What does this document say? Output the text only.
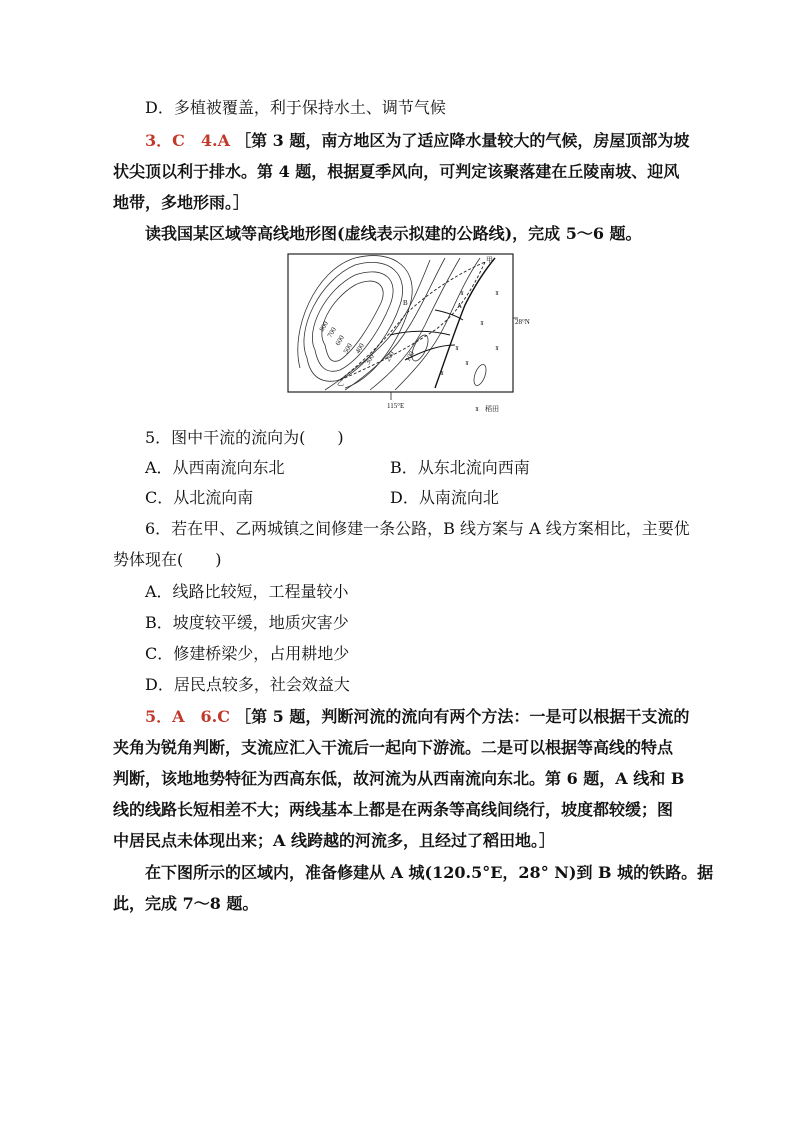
D．多植被覆盖，利于保持水土、调节气候
3．C　4.A ［第 3 题，南方地区为了适应降水量较大的气候，房屋顶部为坡
状尖顶以利于排水。第 4 题，根据夏季风向，可判定该聚落建在丘陵南坡、迎风
地带，多地形雨。］
读我国某区域等高线地形图(虚线表示拟建的公路线)，完成 5～6 题。
800
700
600
500 400
300 200 100
B	A
甲
乙
28°N
115°E	稻田
ɤ	ɤ
ɤ
ɤ	ɤ
ɤ
ɤ
ɤ
5．图中干流的流向为(　　)
A．从西南流向东北	B．从东北流向西南
C．从北流向南	D．从南流向北
6．若在甲、乙两城镇之间修建一条公路，B 线方案与 A 线方案相比，主要优
势体现在(　　)
A．线路比较短，工程量较小
B．坡度较平缓，地质灾害少
C．修建桥梁少，占用耕地少
D．居民点较多，社会效益大
5．A　6.C ［第 5 题，判断河流的流向有两个方法：一是可以根据干支流的
夹角为锐角判断，支流应汇入干流后一起向下游流。二是可以根据等高线的特点
判断，该地地势特征为西高东低，故河流为从西南流向东北。第 6 题，A 线和 B
线的线路长短相差不大；两线基本上都是在两条等高线间绕行，坡度都较缓；图
中居民点未体现出来；A 线跨越的河流多，且经过了稻田地。］
在下图所示的区域内，准备修建从 A 城(120.5°E，28° N)到 B 城的铁路。据
此，完成 7～8 题。
